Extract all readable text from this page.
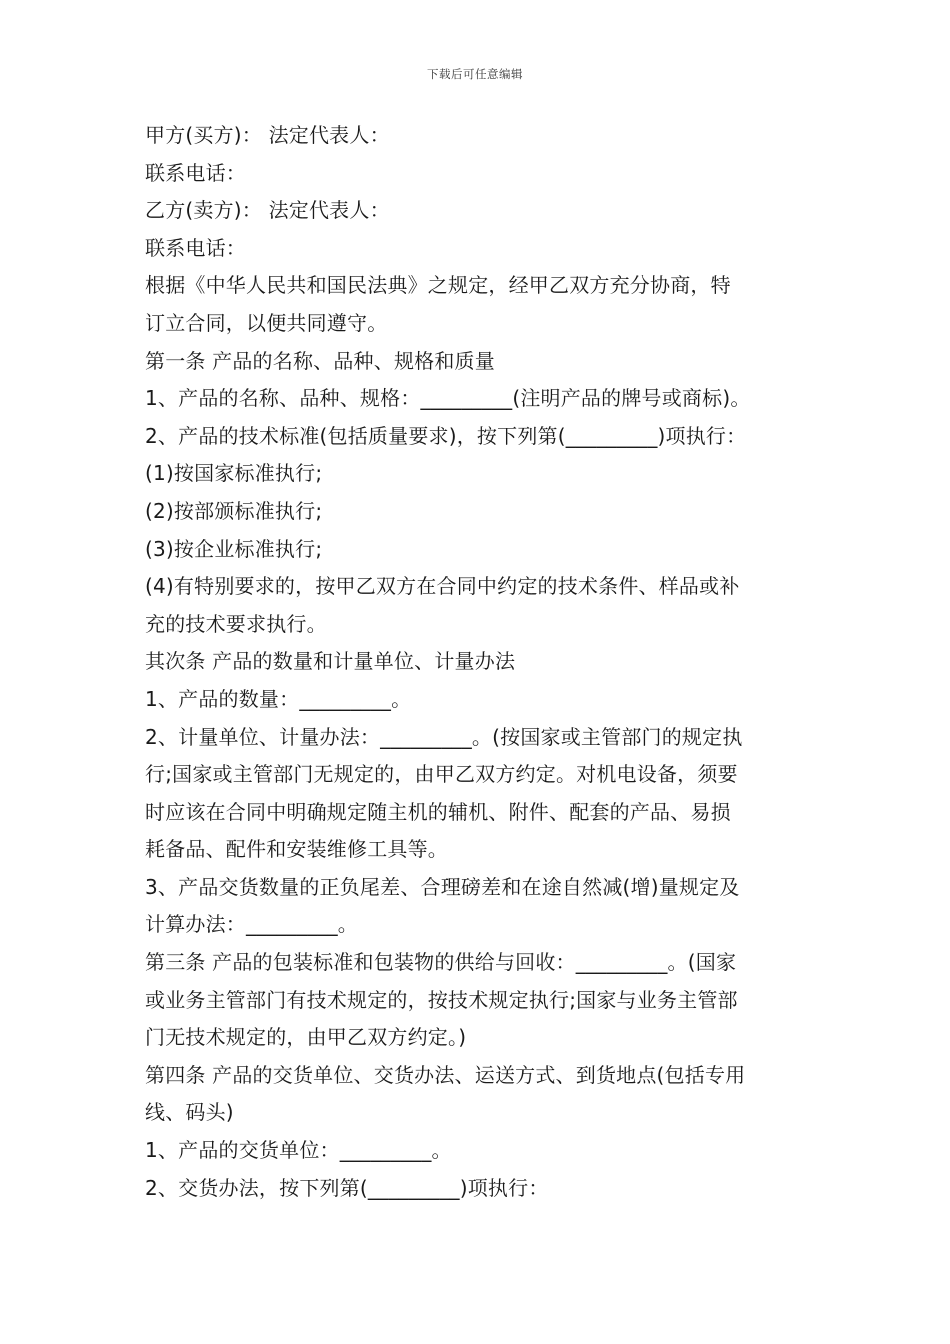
下载后可任意编辑
甲方(买方)： 法定代表人：
联系电话：
乙方(卖方)： 法定代表人：
联系电话：
根据《中华人民共和国民法典》之规定，经甲乙双方充分协商，特
订立合同，以便共同遵守。
第一条 产品的名称、品种、规格和质量
1、产品的名称、品种、规格：_________(注明产品的牌号或商标)。
2、产品的技术标准(包括质量要求)，按下列第(_________)项执行：
(1)按国家标准执行;
(2)按部颁标准执行;
(3)按企业标准执行;
(4)有特别要求的，按甲乙双方在合同中约定的技术条件、样品或补
充的技术要求执行。
其次条 产品的数量和计量单位、计量办法
1、产品的数量：_________。
2、计量单位、计量办法：_________。(按国家或主管部门的规定执
行;国家或主管部门无规定的，由甲乙双方约定。对机电设备，须要
时应该在合同中明确规定随主机的辅机、附件、配套的产品、易损
耗备品、配件和安装维修工具等。
3、产品交货数量的正负尾差、合理磅差和在途自然减(增)量规定及
计算办法：_________。
第三条 产品的包装标准和包装物的供给与回收：_________。(国家
或业务主管部门有技术规定的，按技术规定执行;国家与业务主管部
门无技术规定的，由甲乙双方约定。)
第四条 产品的交货单位、交货办法、运送方式、到货地点(包括专用
线、码头)
1、产品的交货单位：_________。
2、交货办法，按下列第(_________)项执行：
